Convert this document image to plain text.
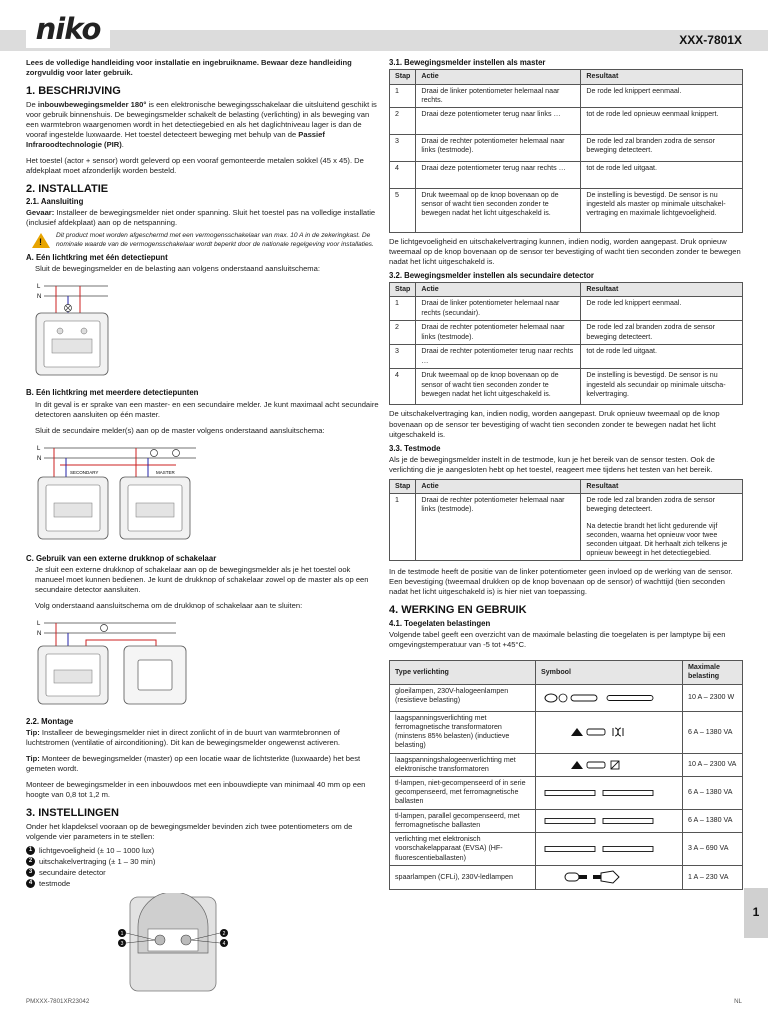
niko	XXX-7801X

Lees de volledige handleiding voor installatie en ingebruikname. Bewaar deze handleiding zorgvuldig voor later gebruik.

1. BESCHRIJVING

De inbouwbewegingsmelder 180° is een elektronische bewegingsschakelaar die uitsluitend geschikt is voor gebruik binnenshuis. De bewegingsmelder schakelt de belasting (verlichting) in als beweging van een warmtebron waargenomen wordt in het detectiegebied en als het daglichtniveau lager is dan de vooraf ingestelde luxwaarde. Het toestel detecteert beweging met behulp van de Passief Infraroodtechnologie (PIR).

Het toestel (actor + sensor) wordt geleverd op een vooraf gemonteerde metalen sokkel (45 x 45). De afdekplaat moet afzonderlijk worden besteld.

2. INSTALLATIE
2.1. Aansluiting

Gevaar: Installeer de bewegingsmelder niet onder spanning. Sluit het toestel pas na volledige installatie (inclusief afdekplaat) aan op de netspanning.

!
Dit product moet worden afgeschermd met een vermogensschakelaar van max. 10 A in de zekeringkast. De nominale waarde van de vermogensschakelaar wordt beperkt door de nationale regelgeving voor installaties.
A. Eén lichtkring met één detectiepunt

Sluit de bewegingsmelder en de belasting aan volgens onderstaand aansluitschema:

L
N
B. Eén lichtkring met meerdere detectiepunten

In dit geval is er sprake van een master- en een secundaire melder. Je kunt maximaal acht secundaire detectoren aansluiten op één master.

Sluit de secundaire melder(s) aan op de master volgens onderstaand aansluitschema:

L
N
SECONDARY	MASTER
C. Gebruik van een externe drukknop of schakelaar

Je sluit een externe drukknop of schakelaar aan op de bewegingsmelder als je het toestel ook manueel moet kunnen bedienen. Je kunt de drukknop of schakelaar zowel op de master als op een secundaire detector aansluiten.

Volg onderstaand aansluitschema om de drukknop of schakelaar aan te sluiten:

L
N
2.2. Montage

Tip: Installeer de bewegingsmelder niet in direct zonlicht of in de buurt van warmtebronnen of luchtstromen (ventilatie of airconditioning). Dit kan de bewegingsmelder ongewenst activeren.

Tip: Monteer de bewegingsmelder (master) op een locatie waar de lichtsterkte (luxwaarde) het best gemeten wordt.

Monteer de bewegingsmelder in een inbouwdoos met een inbouwdiepte van minimaal 40 mm op een hoogte van 0,8 tot 1,2 m.

3. INSTELLINGEN

Onder het klapdeksel vooraan op de bewegingsmelder bevinden zich twee potentiometers om de volgende vier parameters in te stellen:

1 lichtgevoeligheid (± 10 – 1000 lux)
2 uitschakelvertraging (± 1 – 30 min)
3 secundaire detector
4 testmode
1
3
2
4
3.1. Bewegingsmelder instellen als master
Stap	Actie	Resultaat
1	Draai de linker potentiometer helemaal naar rechts.	De rode led knippert eenmaal.
2	Draai deze potentiometer terug naar links …	tot de rode led opnieuw eenmaal knippert.
3	Draai de rechter potentiometer helemaal naar links (testmode).	De rode led zal branden zodra de sensor beweging detecteert.
4	Draai deze potentiometer terug naar rechts …	tot de rode led uitgaat.
5	Druk tweemaal op de knop bovenaan op de sensor of wacht tien seconden zonder te bewegen nadat het licht uitgeschakeld is.	De instelling is bevestigd. De sensor is nu ingesteld als master op minimale uitschakel-vertraging en maximale lichtgevoeligheid.

De lichtgevoeligheid en uitschakelvertraging kunnen, indien nodig, worden aangepast. Druk opnieuw tweemaal op de knop bovenaan op de sensor ter bevestiging of wacht tien seconden zonder te bewegen nadat het licht uitgeschakeld is.

3.2. Bewegingsmelder instellen als secundaire detector
Stap	Actie	Resultaat
1	Draai de linker potentiometer helemaal naar rechts (secundair).	De rode led knippert eenmaal.
2	Draai de rechter potentiometer helemaal naar links (testmode).	De rode led zal branden zodra de sensor beweging detecteert.
3	Draai de rechter potentiometer terug naar rechts …	tot de rode led uitgaat.
4	Druk tweemaal op de knop bovenaan op de sensor of wacht tien seconden zonder te bewegen nadat het licht uitgeschakeld is.	De instelling is bevestigd. De sensor is nu ingesteld als secundair op minimale uitscha-kelvertraging.

De uitschakelvertraging kan, indien nodig, worden aangepast. Druk opnieuw tweemaal op de knop bovenaan op de sensor ter bevestiging of wacht tien seconden zonder te bewegen nadat het licht uitgeschakeld is.

3.3. Testmode

Als je de bewegingsmelder instelt in de testmode, kun je het bereik van de sensor testen. Ook de verlichting die je aangesloten hebt op het toestel, reageert mee tijdens het testen van het bereik.

Stap	Actie	Resultaat
1	Draai de rechter potentiometer helemaal naar links (testmode).	De rode led zal branden zodra de sensor beweging detecteert.
Na detectie brandt het licht gedurende vijf seconden, waarna het opnieuw voor twee seconden uitgaat. Dit herhaalt zich telkens je opnieuw beweegt in het detectiegebied.

In de testmode heeft de positie van de linker potentiometer geen invloed op de werking van de sensor. Een bevestiging (tweemaal drukken op de knop bovenaan op de sensor) of wachttijd (tien seconden nadat het licht uitgeschakeld is) is hier niet van toepassing.

4. WERKING EN GEBRUIK
4.1. Toegelaten belastingen

Volgende tabel geeft een overzicht van de maximale belasting die toegelaten is per lamptype bij een omgevingstemperatuur van -5 tot +45°C.

Type verlichting	Symbool	Maximale belasting
gloeilampen, 230V-halogeenlampen (resistieve belasting)		10 A – 2300 W
laagspanningsverlichting met ferromagnetische transformatoren (minstens 85% belasten) (inductieve belasting)		6 A – 1380 VA
laagspanningshalogeenverlichting met elektronische transformatoren		10 A – 2300 VA
tl-lampen, niet-gecompenseerd of in serie gecompenseerd, met ferromagnetische ballasten		6 A – 1380 VA
tl-lampen, parallel gecompenseerd, met ferromagnetische ballasten		6 A – 1380 VA
verlichting met elektronisch voorschakelapparaat (EVSA) (HF-fluorescentieballasten)		3 A – 690 VA
spaarlampen (CFLi), 230V-ledlampen		1 A – 230 VA
1
PMXXX-7801XR23042	NL
